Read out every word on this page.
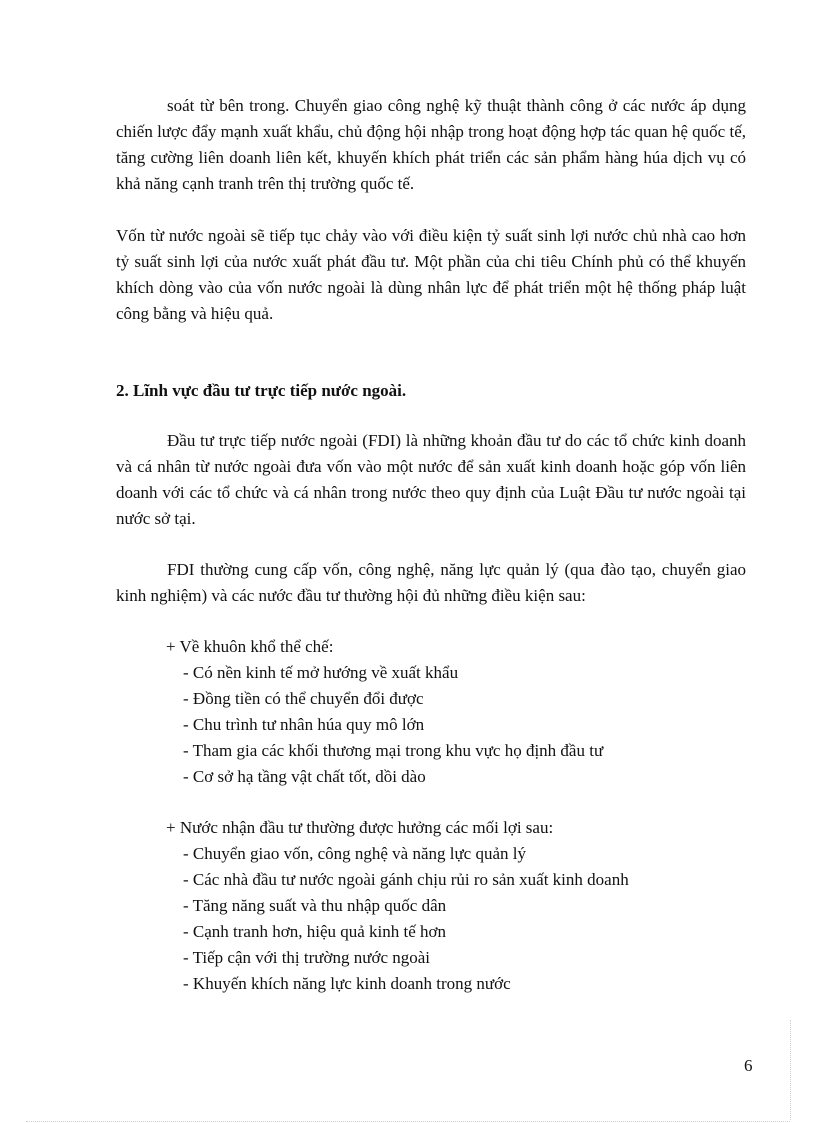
soát từ bên trong. Chuyển giao công nghệ kỹ thuật thành công ở các nước áp dụng chiến lược đẩy mạnh xuất khẩu, chủ động hội nhập trong hoạt động hợp tác quan hệ quốc tế, tăng cường liên doanh liên kết, khuyến khích phát triển các sản phẩm hàng húa dịch vụ có khả năng cạnh tranh trên thị trường quốc tế.

Vốn từ nước ngoài sẽ tiếp tục chảy vào với điều kiện tỷ suất sinh lợi nước chủ nhà cao hơn tỷ suất sinh lợi của nước xuất phát đầu tư. Một phần của chi tiêu Chính phủ có thể khuyến khích dòng vào của vốn nước ngoài là dùng nhân lực để phát triển một hệ thống pháp luật công bằng và hiệu quả.

2. Lĩnh vực đầu tư trực tiếp nước ngoài.

Đầu tư trực tiếp nước ngoài (FDI) là những khoản đầu tư do các tổ chức kinh doanh và cá nhân từ nước ngoài đưa vốn vào một nước để sản xuất kinh doanh hoặc góp vốn liên doanh với các tổ chức và cá nhân trong nước theo quy định của Luật Đầu tư nước ngoài tại nước sở tại.

FDI thường cung cấp vốn, công nghệ, năng lực quản lý (qua đào tạo, chuyển giao kinh nghiệm) và các nước đầu tư thường hội đủ những điều kiện sau:

+ Về khuôn khổ thể chế:
- Có nền kinh tế mở hướng về xuất khẩu
- Đồng tiền có thể chuyển đổi được
- Chu trình tư nhân húa quy mô lớn
- Tham gia các khối thương mại trong khu vực họ định đầu tư
- Cơ sở hạ tầng vật chất tốt, dồi dào
+ Nước nhận đầu tư thường được hưởng các mối lợi sau:
- Chuyển giao vốn, công nghệ và năng lực quản lý
- Các nhà đầu tư nước ngoài gánh chịu rủi ro sản xuất kinh doanh
- Tăng năng suất và thu nhập quốc dân
- Cạnh tranh hơn, hiệu quả kinh tế hơn
- Tiếp cận với thị trường nước ngoài
- Khuyến khích năng lực kinh doanh trong nước
6
